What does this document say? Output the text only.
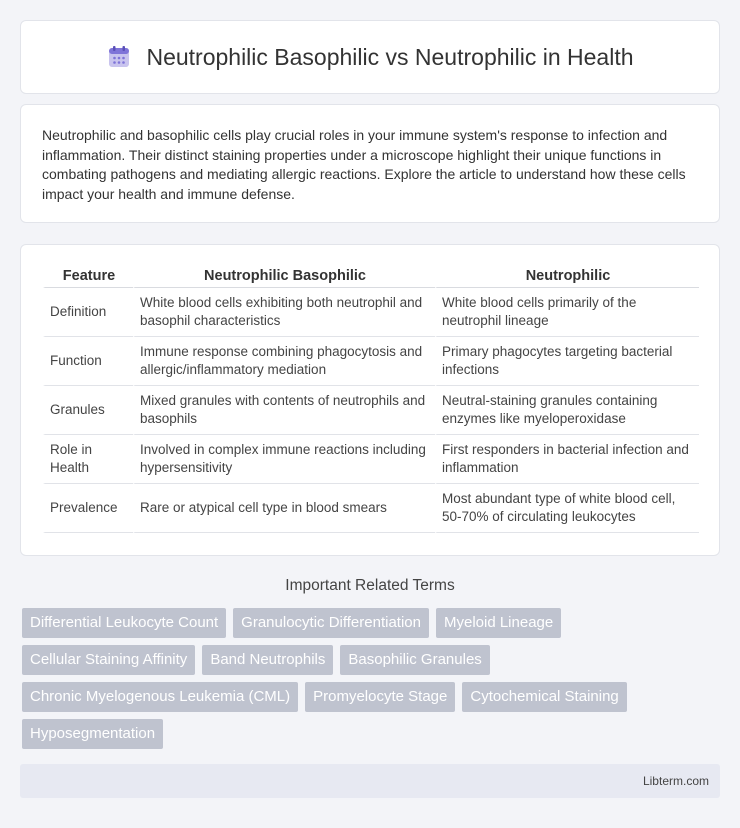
Neutrophilic Basophilic vs Neutrophilic in Health

Neutrophilic and basophilic cells play crucial roles in your immune system's response to infection and inflammation. Their distinct staining properties under a microscope highlight their unique functions in combating pathogens and mediating allergic reactions. Explore the article to understand how these cells impact your health and immune defense.

Feature	Neutrophilic Basophilic	Neutrophilic
Definition	White blood cells exhibiting both neutrophil and basophil characteristics	White blood cells primarily of the neutrophil lineage
Function	Immune response combining phagocytosis and allergic/inflammatory mediation	Primary phagocytes targeting bacterial infections
Granules	Mixed granules with contents of neutrophils and basophils	Neutral-staining granules containing enzymes like myeloperoxidase
Role in Health	Involved in complex immune reactions including hypersensitivity	First responders in bacterial infection and inflammation
Prevalence	Rare or atypical cell type in blood smears	Most abundant type of white blood cell, 50-70% of circulating leukocytes
Important Related Terms
Differential Leukocyte Count	Granulocytic Differentiation	Myeloid Lineage
Cellular Staining Affinity	Band Neutrophils	Basophilic Granules
Chronic Myelogenous Leukemia (CML)	Promyelocyte Stage	Cytochemical Staining
Hyposegmentation
Libterm.com
